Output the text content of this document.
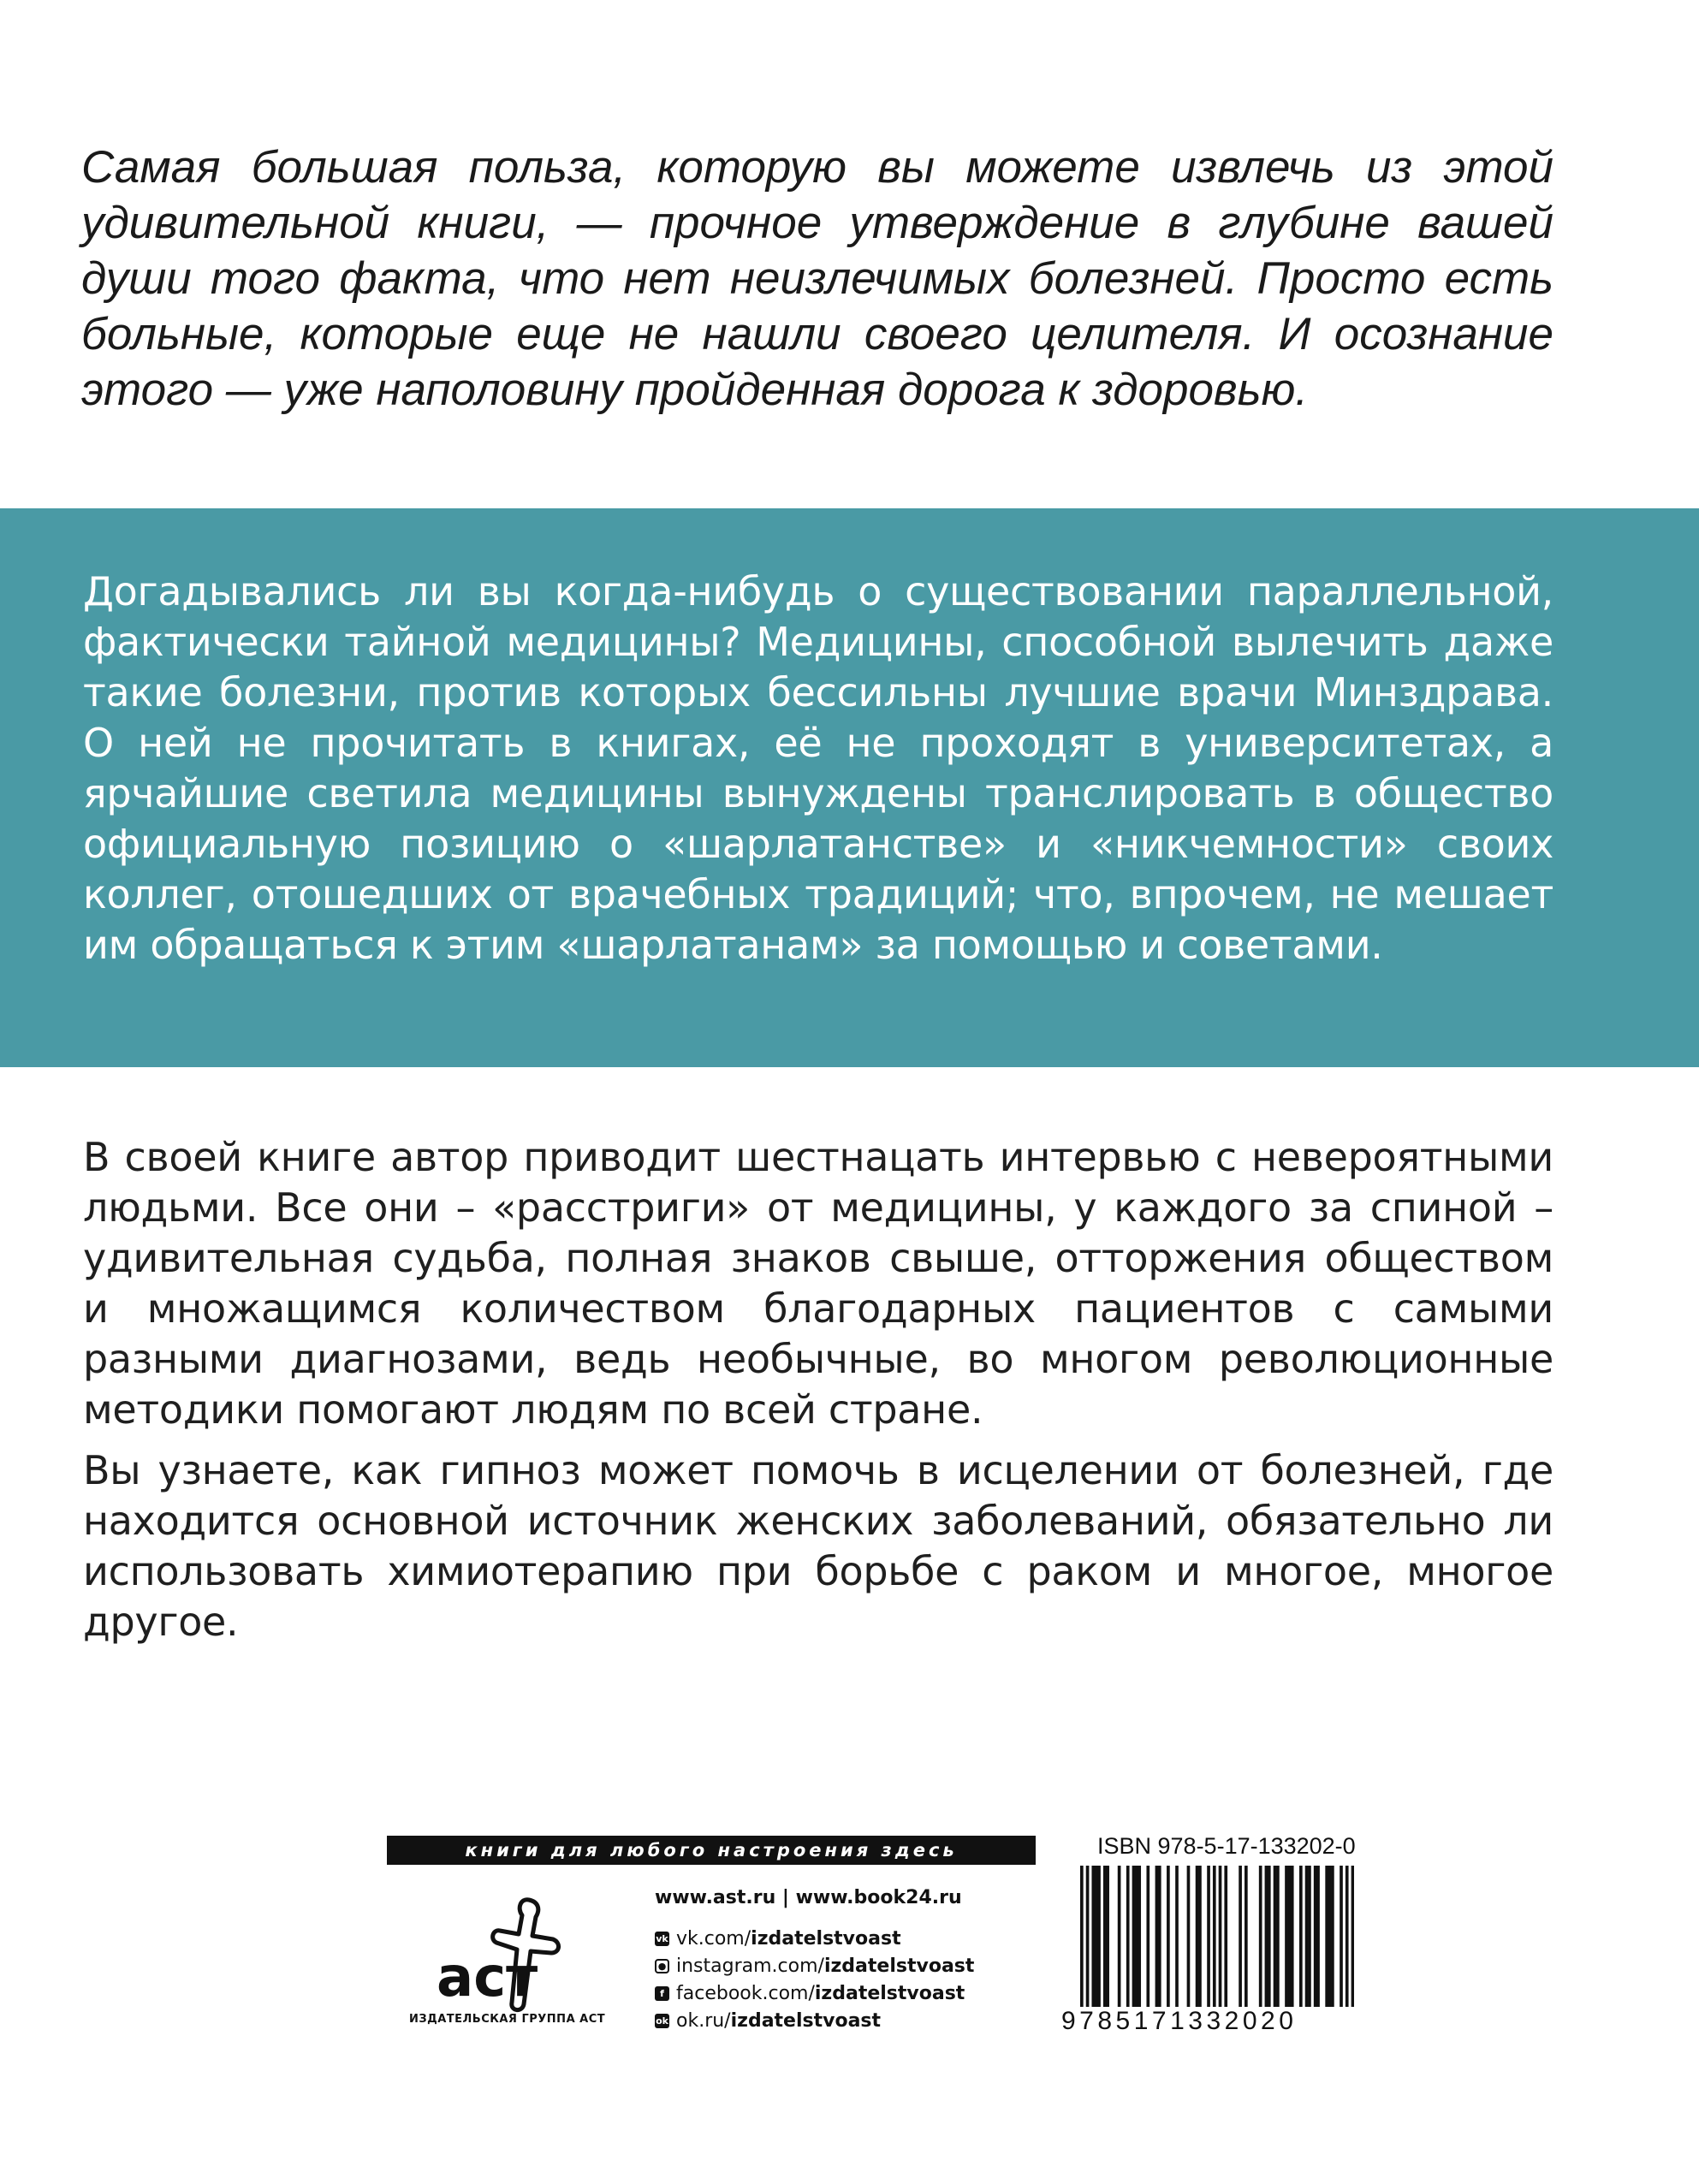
Самая большая польза, которую вы можете извлечь из этой удивительной книги, — прочное утверждение в глубине вашей души того факта, что нет неизлечимых болезней. Просто есть больные, которые еще не нашли своего целителя. И осознание этого — уже наполовину пройденная дорога к здоровью.

Догадывались ли вы когда-нибудь о существовании параллельной, фактически тайной медицины? Медицины, способной вылечить даже такие болезни, против которых бессильны лучшие врачи Минздрава. О ней не прочитать в книгах, её не проходят в университетах, а ярчайшие светила медицины вынуждены транслировать в общество официальную позицию о «шарлатанстве» и «никчемности» своих коллег, отошедших от врачебных традиций; что, впрочем, не мешает им обращаться к этим «шарлатанам» за помощью и советами.

В своей книге автор приводит шестнацать интервью с невероятными людьми. Все они – «расстриги» от медицины, у каждого за спиной – удивительная судьба, полная знаков свыше, отторжения обществом и множащимся количеством благодарных пациентов с самыми разными диагнозами, ведь необычные, во многом революционные методики помогают людям по всей стране.

Вы узнаете, как гипноз может помочь в исцелении от болезней, где находится основной источник женских заболеваний, обязательно ли использовать химиотерапию при борьбе с раком и многое, многое другое.

книги для любого настроения здесь
аст
ИЗДАТЕЛЬСКАЯ ГРУППА АСТ
www.ast.ru | www.book24.ru
vk vk.com/ izdatelstvoast
● instagram.com/ izdatelstvoast
f facebook.com/ izdatelstvoast
ok ok.ru/ izdatelstvoast
ISBN 978-5-17-133202-0
9785171332020
